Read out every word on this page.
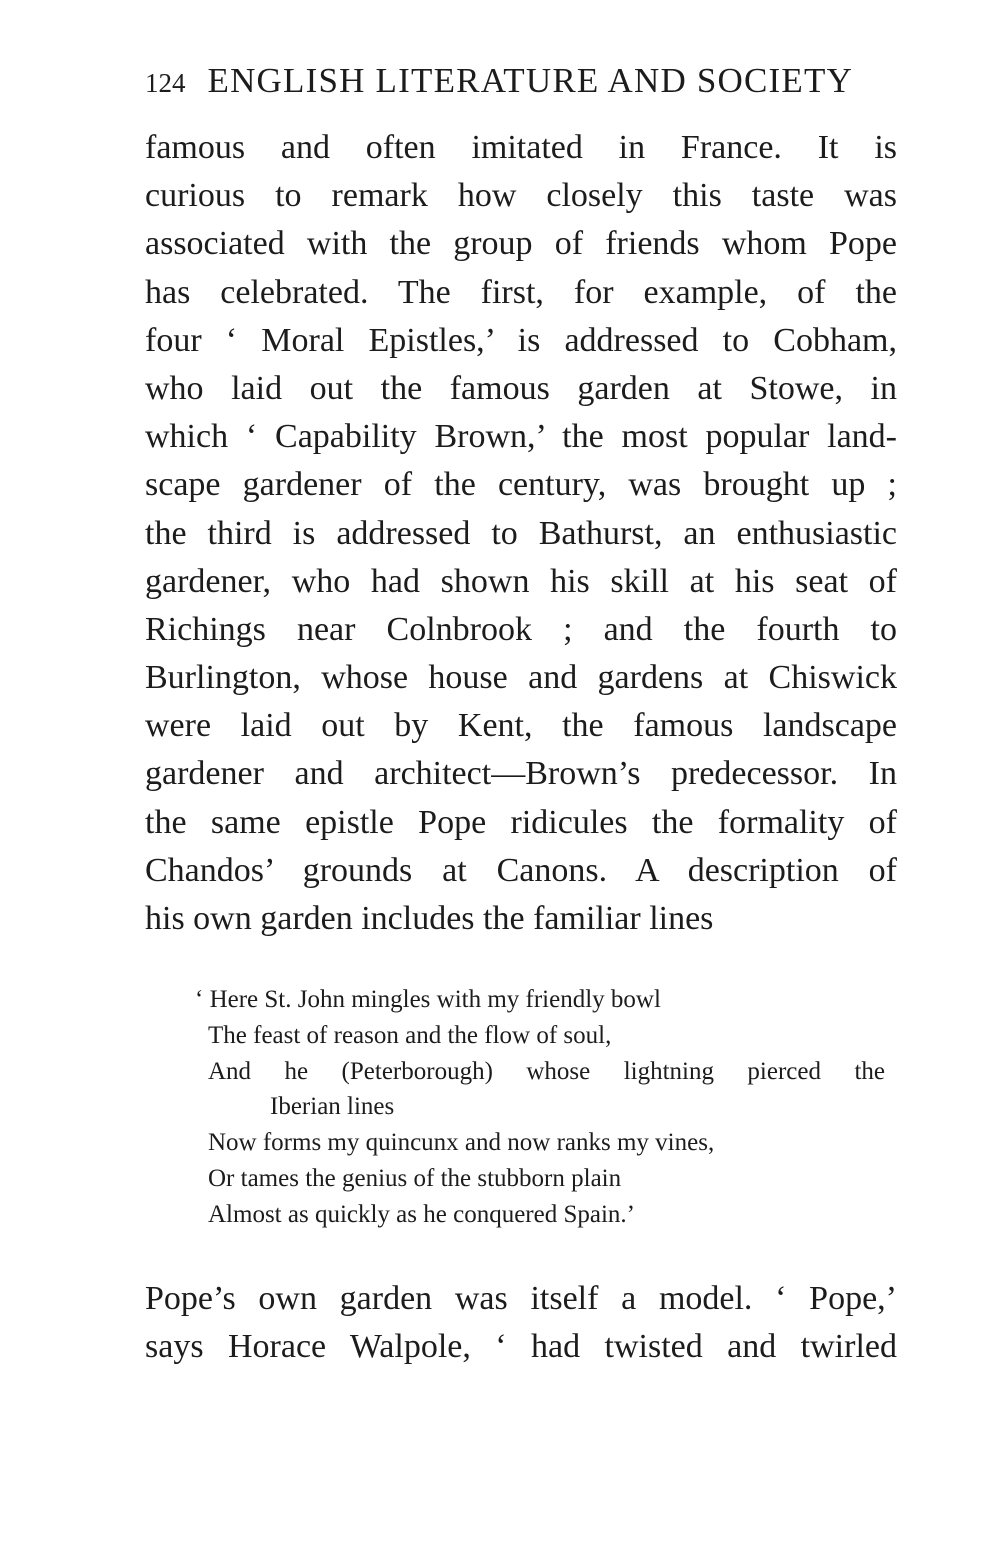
124 ENGLISH LITERATURE AND SOCIETY
famous and often imitated in France. It is
curious to remark how closely this taste was
associated with the group of friends whom Pope
has celebrated. The first, for example, of the
four ‘ Moral Epistles,’ is addressed to Cobham,
who laid out the famous garden at Stowe, in
which ‘ Capability Brown,’ the most popular land-
scape gardener of the century, was brought up ;
the third is addressed to Bathurst, an enthusiastic
gardener, who had shown his skill at his seat of
Richings near Colnbrook ; and the fourth to
Burlington, whose house and gardens at Chiswick
were laid out by Kent, the famous landscape
gardener and architect—Brown’s predecessor. In
the same epistle Pope ridicules the formality of
Chandos’ grounds at Canons. A description of
his own garden includes the familiar lines
‘ Here St. John mingles with my friendly bowl
The feast of reason and the flow of soul,
And he (Peterborough) whose lightning pierced the
Iberian lines
Now forms my quincunx and now ranks my vines,
Or tames the genius of the stubborn plain
Almost as quickly as he conquered Spain.’
Pope’s own garden was itself a model. ‘ Pope,’
says Horace Walpole, ‘ had twisted and twirled
